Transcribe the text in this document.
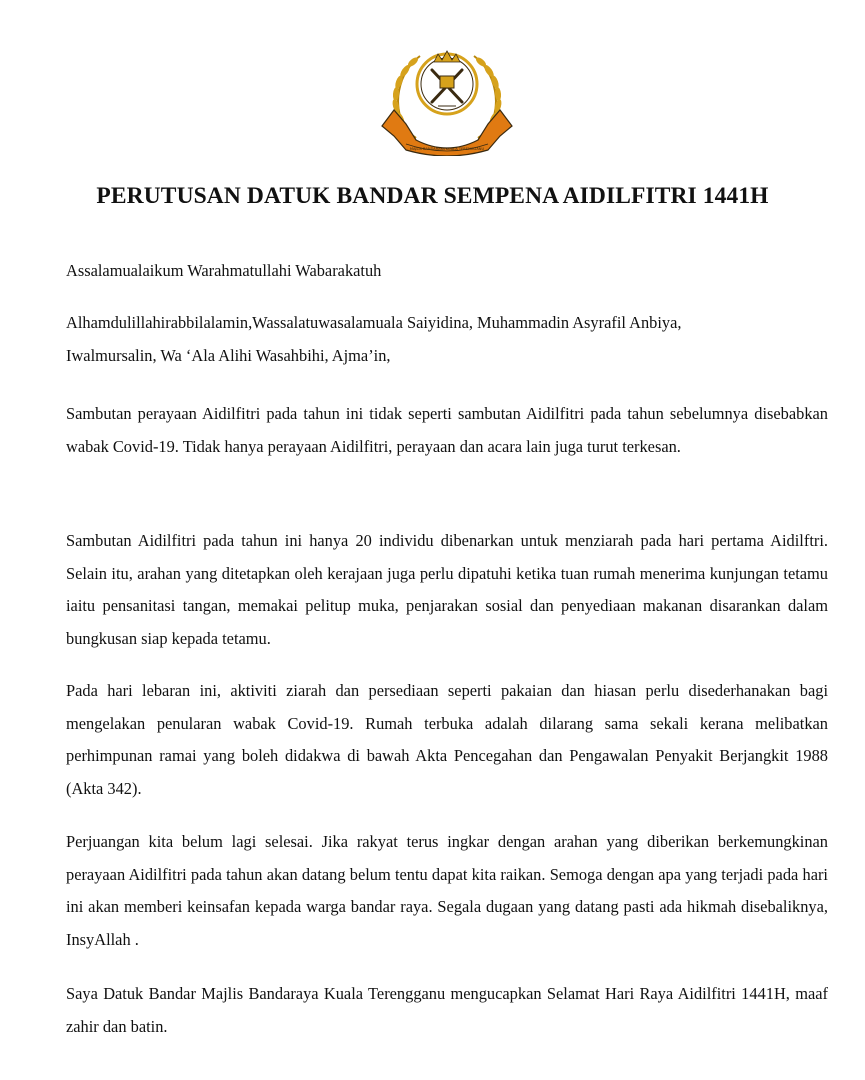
MAJLIS BANDARAYA KUALA TERENGGANU
PERUTUSAN DATUK BANDAR SEMPENA AIDILFITRI 1441H

Assalamualaikum Warahmatullahi Wabarakatuh

Alhamdulillahirabbilalamin,Wassalatuwasalamuala Saiyidina, Muhammadin Asyrafil Anbiya,
Iwalmursalin, Wa ‘Ala Alihi Wasahbihi, Ajma’in,

Sambutan perayaan Aidilfitri pada tahun ini tidak seperti sambutan Aidilfitri pada tahun sebelumnya disebabkan wabak Covid-19. Tidak hanya perayaan Aidilfitri, perayaan dan acara lain juga turut terkesan.

Sambutan Aidilfitri pada tahun ini hanya 20 individu dibenarkan untuk menziarah pada hari pertama Aidilftri. Selain itu, arahan yang ditetapkan oleh kerajaan juga perlu dipatuhi ketika tuan rumah menerima kunjungan tetamu iaitu pensanitasi tangan, memakai pelitup muka, penjarakan sosial dan penyediaan makanan disarankan dalam bungkusan siap kepada tetamu.

Pada hari lebaran ini, aktiviti ziarah dan persediaan seperti pakaian dan hiasan perlu disederhanakan bagi mengelakan penularan wabak Covid-19. Rumah terbuka adalah dilarang sama sekali kerana melibatkan perhimpunan ramai yang boleh didakwa di bawah Akta Pencegahan dan Pengawalan Penyakit Berjangkit 1988 (Akta 342).

Perjuangan kita belum lagi selesai. Jika rakyat terus ingkar dengan arahan yang diberikan berkemungkinan perayaan Aidilfitri pada tahun akan datang belum tentu dapat kita raikan. Semoga dengan apa yang terjadi pada hari ini akan memberi keinsafan kepada warga bandar raya. Segala dugaan yang datang pasti ada hikmah disebaliknya, InsyAllah .

Saya Datuk Bandar Majlis Bandaraya Kuala Terengganu mengucapkan Selamat Hari Raya Aidilfitri 1441H, maaf zahir dan batin.
